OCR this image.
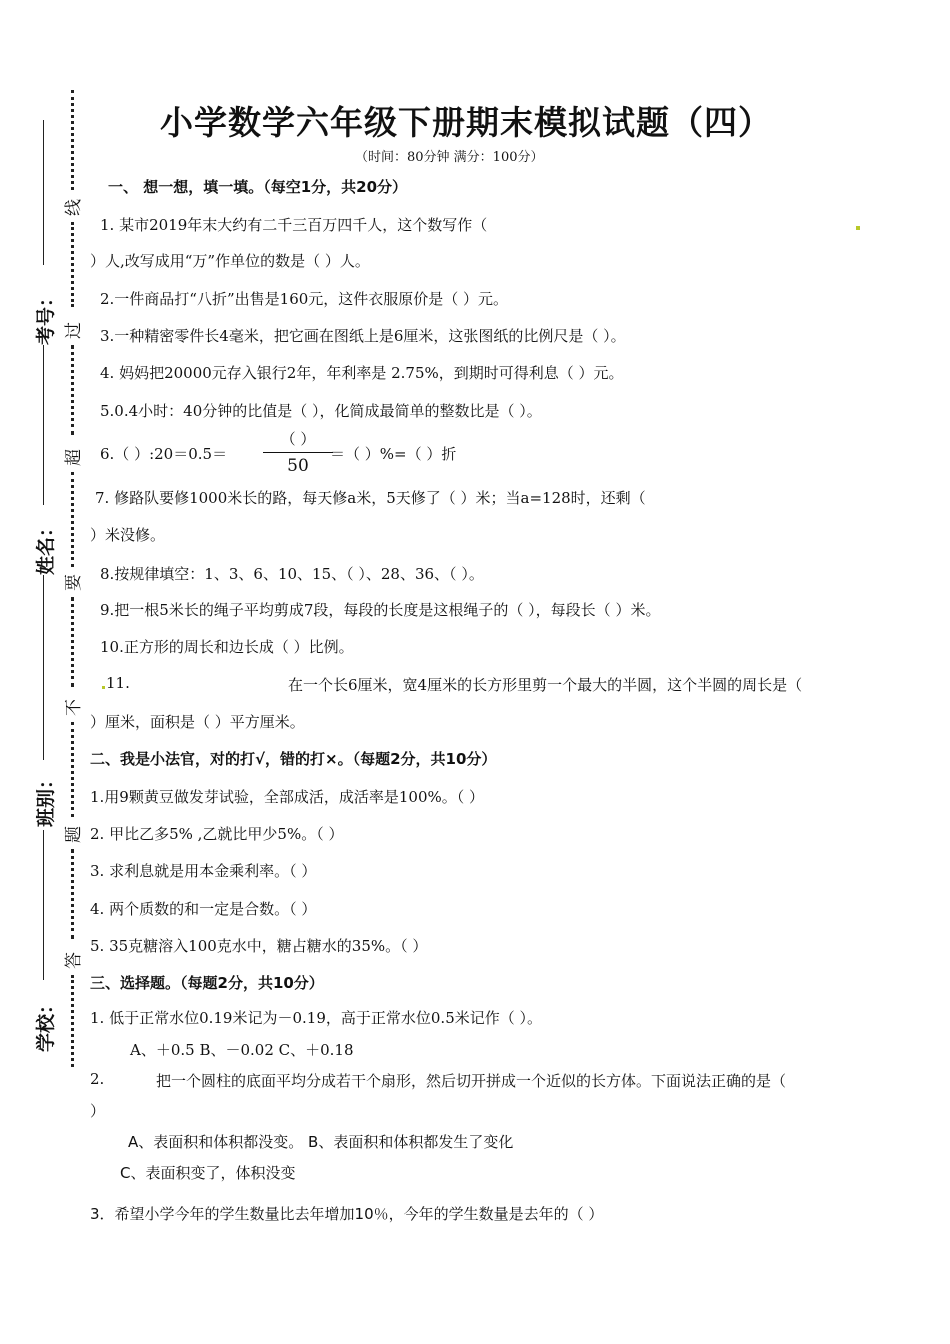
考号：
姓名：
班别：
学校：
线
过
超
要
不
题
答
小学数学六年级下册期末模拟试题（四）
（时间：80分钟 满分：100分）
一、 想一想，填一填。（每空1分，共20分）
1. 某市2019年末大约有二千三百万四千人，这个数写作（
）人,改写成用“万”作单位的数是（ ）人。
2.一件商品打“八折”出售是160元，这件衣服原价是（ ）元。
3.一种精密零件长4毫米，把它画在图纸上是6厘米，这张图纸的比例尺是（ ）。
4. 妈妈把20000元存入银行2年，年利率是 2.75%，到期时可得利息（ ）元。
5.0.4小时：40分钟的比值是（ ），化简成最简单的整数比是（ ）。
6.（ ）:20＝0.5＝
（ ）
50
＝（ ）%=（ ）折
7. 修路队要修1000米长的路，每天修a米，5天修了（ ）米；当a=128时，还剩（
）米没修。
8.按规律填空：1、3、6、10、15、（ ）、28、36、（ ）。
9.把一根5米长的绳子平均剪成7段，每段的长度是这根绳子的（ ），每段长（ ）米。
10.正方形的周长和边长成（ ）比例。
11.	在一个长6厘米，宽4厘米的长方形里剪一个最大的半圆，这个半圆的周长是（
）厘米，面积是（ ）平方厘米。
二、我是小法官，对的打√，错的打×。（每题2分，共10分）
1.用9颗黄豆做发芽试验，全部成活，成活率是100%。（ ）
2. 甲比乙多5% ,乙就比甲少5%。（ ）
3. 求利息就是用本金乘利率。（ ）
4. 两个质数的和一定是合数。（ ）
5. 35克糖溶入100克水中，糖占糖水的35%。（ ）
三、选择题。（每题2分，共10分）
1. 低于正常水位0.19米记为－0.19，高于正常水位0.5米记作（ ）。
A、＋0.5 B、－0.02 C、＋0.18
2.	把一个圆柱的底面平均分成若干个扇形，然后切开拼成一个近似的长方体。下面说法正确的是（
）
A、表面积和体积都没变。 B、表面积和体积都发生了变化
C、表面积变了，体积没变
3．希望小学今年的学生数量比去年增加10％，今年的学生数量是去年的（ ）
